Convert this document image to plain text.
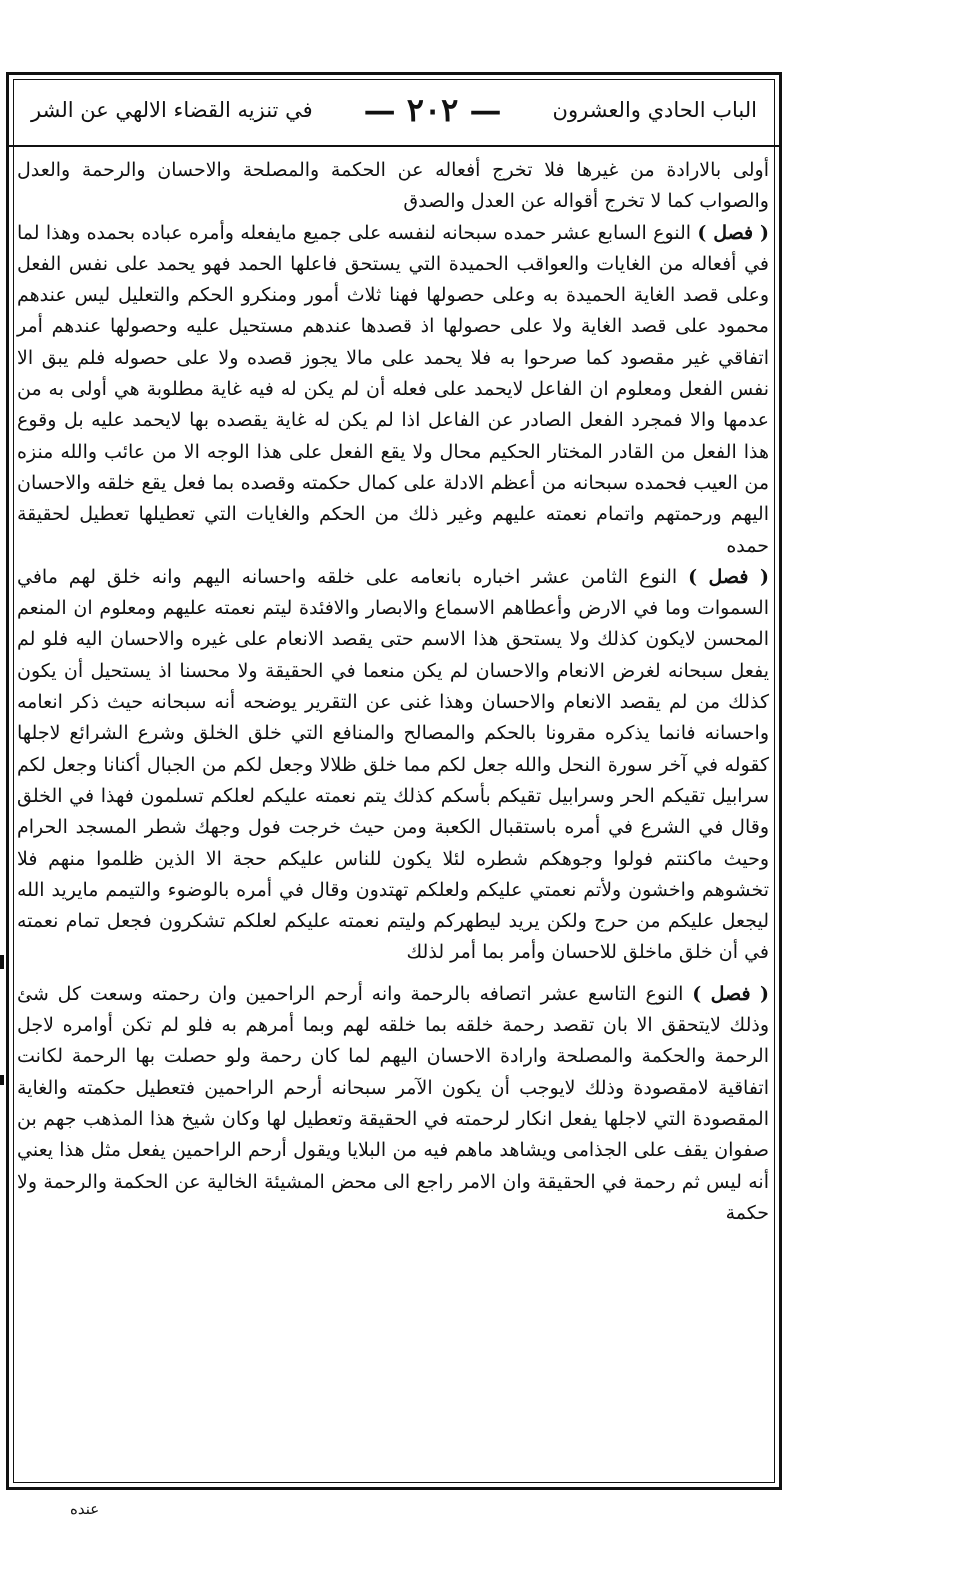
الباب الحادي والعشرون
— ٢٠٢ —
في تنزيه القضاء الالهي عن الشر

أولى بالارادة من غيرها فلا تخرج أفعاله عن الحكمة والمصلحة والاحسان والرحمة والعدل والصواب كما لا تخرج أقواله عن العدل والصدق

( فصل ) النوع السابع عشر حمده سبحانه لنفسه على جميع مايفعله وأمره عباده بحمده وهذا لما في أفعاله من الغايات والعواقب الحميدة التي يستحق فاعلها الحمد فهو يحمد على نفس الفعل وعلى قصد الغاية الحميدة به وعلى حصولها فهنا ثلاث أمور ومنكرو الحكم والتعليل ليس عندهم محمود على قصد الغاية ولا على حصولها اذ قصدها عندهم مستحيل عليه وحصولها عندهم أمر اتفاقي غير مقصود كما صرحوا به فلا يحمد على مالا يجوز قصده ولا على حصوله فلم يبق الا نفس الفعل ومعلوم ان الفاعل لايحمد على فعله أن لم يكن له فيه غاية مطلوبة هي أولى به من عدمها والا فمجرد الفعل الصادر عن الفاعل اذا لم يكن له غاية يقصده بها لايحمد عليه بل وقوع هذا الفعل من القادر المختار الحكيم محال ولا يقع الفعل على هذا الوجه الا من عائب والله منزه من العيب فحمده سبحانه من أعظم الادلة على كمال حكمته وقصده بما فعل يقع خلقه والاحسان اليهم ورحمتهم واتمام نعمته عليهم وغير ذلك من الحكم والغايات التي تعطيلها تعطيل لحقيقة حمده

( فصل ) النوع الثامن عشر اخباره بانعامه على خلقه واحسانه اليهم وانه خلق لهم مافي السموات وما في الارض وأعطاهم الاسماع والابصار والافئدة ليتم نعمته عليهم ومعلوم ان المنعم المحسن لايكون كذلك ولا يستحق هذا الاسم حتى يقصد الانعام على غيره والاحسان اليه فلو لم يفعل سبحانه لغرض الانعام والاحسان لم يكن منعما في الحقيقة ولا محسنا اذ يستحيل أن يكون كذلك من لم يقصد الانعام والاحسان وهذا غنى عن التقرير يوضحه أنه سبحانه حيث ذكر انعامه واحسانه فانما يذكره مقرونا بالحكم والمصالح والمنافع التي خلق الخلق وشرع الشرائع لاجلها كقوله في آخر سورة النحل والله جعل لكم مما خلق ظلالا وجعل لكم من الجبال أكنانا وجعل لكم سرابيل تقيكم الحر وسرابيل تقيكم بأسكم كذلك يتم نعمته عليكم لعلكم تسلمون فهذا في الخلق وقال في الشرع في أمره باستقبال الكعبة ومن حيث خرجت فول وجهك شطر المسجد الحرام وحيث ماكنتم فولوا وجوهكم شطره لئلا يكون للناس عليكم حجة الا الذين ظلموا منهم فلا تخشوهم واخشون ولأتم نعمتي عليكم ولعلكم تهتدون وقال في أمره بالوضوء والتيمم مايريد الله ليجعل عليكم من حرج ولكن يريد ليطهركم وليتم نعمته عليكم لعلكم تشكرون فجعل تمام نعمته في أن خلق ماخلق للاحسان وأمر بما أمر لذلك

( فصل ) النوع التاسع عشر اتصافه بالرحمة وانه أرحم الراحمين وان رحمته وسعت كل شئ وذلك لايتحقق الا بان تقصد رحمة خلقه بما خلقه لهم وبما أمرهم به فلو لم تكن أوامره لاجل الرحمة والحكمة والمصلحة وارادة الاحسان اليهم لما كان رحمة ولو حصلت بها الرحمة لكانت اتفاقية لامقصودة وذلك لايوجب أن يكون الآمر سبحانه أرحم الراحمين فتعطيل حكمته والغاية المقصودة التي لاجلها يفعل انكار لرحمته في الحقيقة وتعطيل لها وكان شيخ هذا المذهب جهم بن صفوان يقف على الجذامى ويشاهد ماهم فيه من البلايا ويقول أرحم الراحمين يفعل مثل هذا يعني أنه ليس ثم رحمة في الحقيقة وان الامر راجع الى محض المشيئة الخالية عن الحكمة والرحمة ولا حكمة

عنده
